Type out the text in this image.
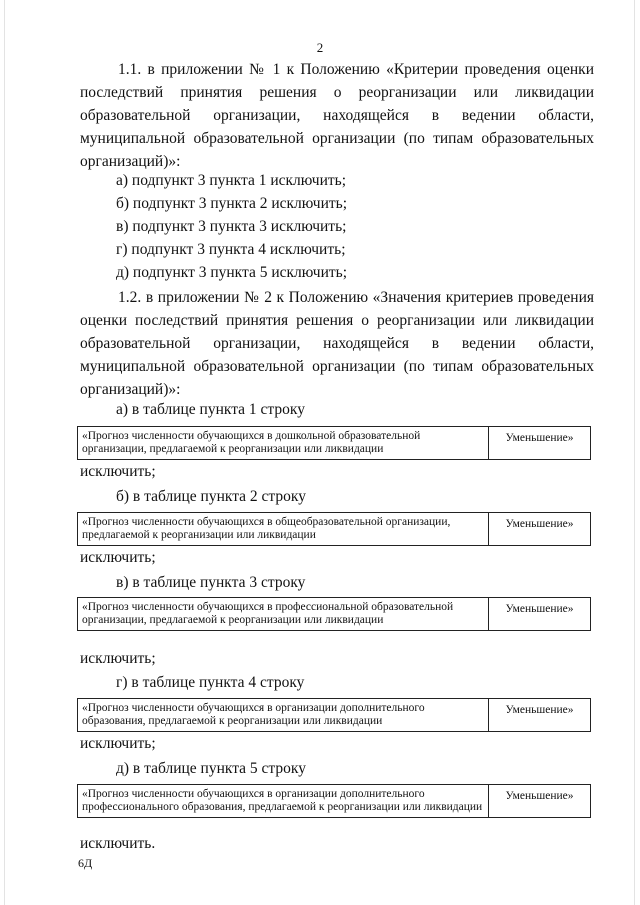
2
1.1. в приложении № 1 к Положению «Критерии проведения оценки последствий принятия решения о реорганизации или ликвидации образовательной организации, находящейся в ведении области, муниципальной образовательной организации (по типам образовательных организаций)»:
а) подпункт 3 пункта 1 исключить;
б) подпункт 3 пункта 2 исключить;
в) подпункт 3 пункта 3 исключить;
г) подпункт 3 пункта 4 исключить;
д) подпункт 3 пункта 5 исключить;
1.2. в приложении № 2 к Положению «Значения критериев проведения оценки последствий принятия решения о реорганизации или ликвидации образовательной организации, находящейся в ведении области, муниципальной образовательной организации (по типам образовательных организаций)»:
а) в таблице пункта 1 строку
«Прогноз численности обучающихся в дошкольной образовательной организации, предлагаемой к реорганизации или ликвидации
Уменьшение»
исключить;
б) в таблице пункта 2 строку
«Прогноз численности обучающихся в общеобразовательной организации, предлагаемой к реорганизации или ликвидации
Уменьшение»
исключить;
в) в таблице пункта 3 строку
«Прогноз численности обучающихся в профессиональной образовательной организации, предлагаемой к реорганизации или ликвидации
Уменьшение»
исключить;
г) в таблице пункта 4 строку
«Прогноз численности обучающихся в организации дополнительного образования, предлагаемой к реорганизации или ликвидации
Уменьшение»
исключить;
д) в таблице пункта 5 строку
«Прогноз численности обучающихся в организации дополнительного профессионального образования, предлагаемой к реорганизации или ликвидации
Уменьшение»
исключить.
6Д
